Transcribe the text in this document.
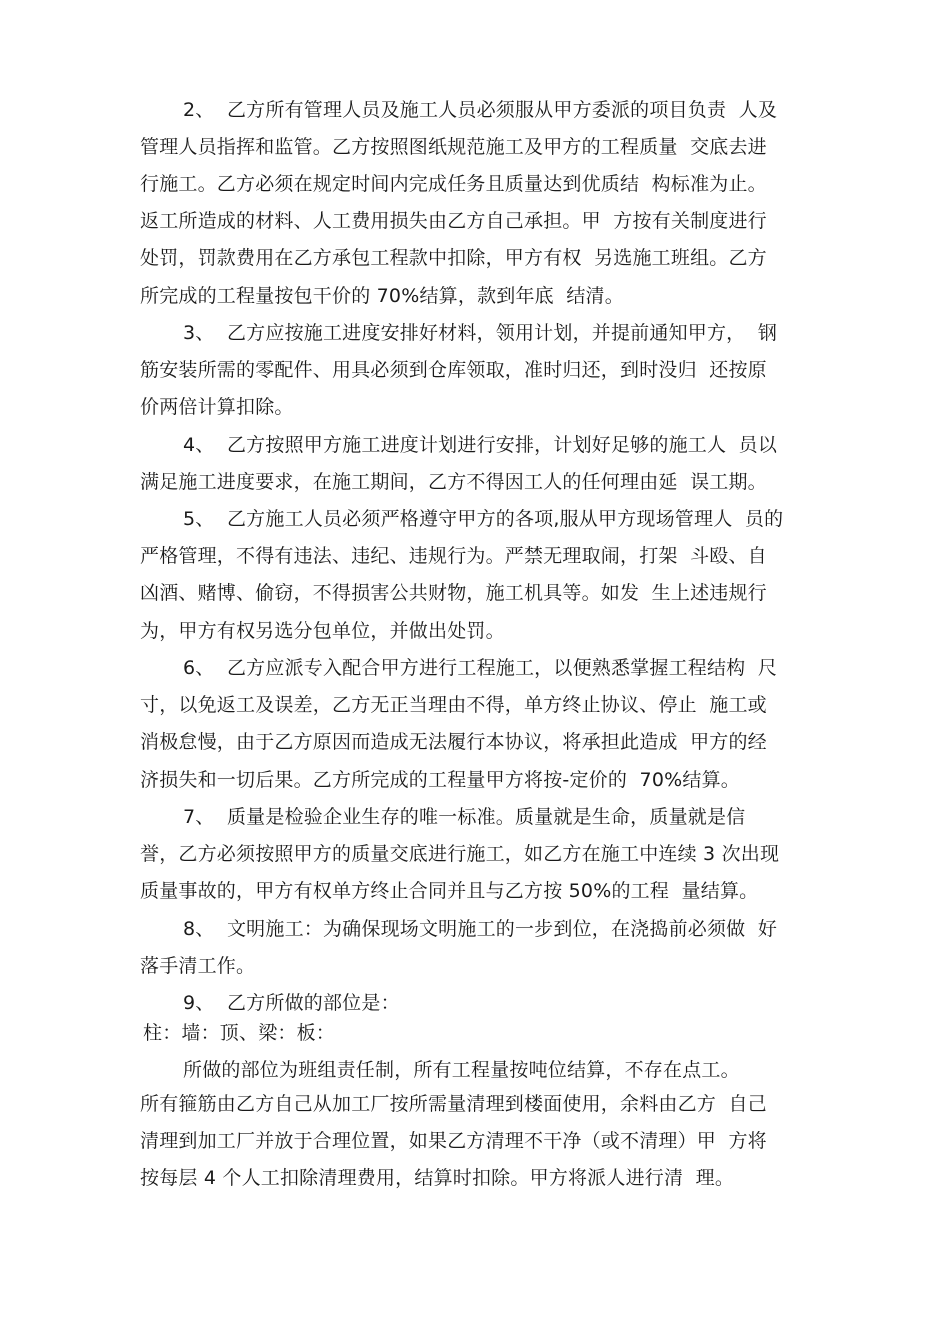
2、  乙方所有管理人员及施工人员必须服从甲方委派的项目负责  人及
管理人员指挥和监管。乙方按照图纸规范施工及甲方的工程质量  交底去进
行施工。乙方必须在规定时间内完成任务且质量达到优质结  构标准为止。
返工所造成的材料、人工费用损失由乙方自己承担。甲  方按有关制度进行
处罚，罚款费用在乙方承包工程款中扣除，甲方有权  另选施工班组。乙方
所完成的工程量按包干价的 70%结算，款到年底  结清。
3、  乙方应按施工进度安排好材料，领用计划，并提前通知甲方，  钢
筋安装所需的零配件、用具必须到仓库领取，准时归还，到时没归  还按原
价两倍计算扣除。
4、  乙方按照甲方施工进度计划进行安排，计划好足够的施工人  员以
满足施工进度要求，在施工期间，乙方不得因工人的任何理由延  误工期。
5、  乙方施工人员必须严格遵守甲方的各项,服从甲方现场管理人  员的
严格管理，不得有违法、违纪、违规行为。严禁无理取闹，打架  斗殴、自
凶酒、赌博、偷窃，不得损害公共财物，施工机具等。如发  生上述违规行
为，甲方有权另选分包单位，并做出处罚。
6、  乙方应派专入配合甲方进行工程施工，以便熟悉掌握工程结构  尺
寸，以免返工及误差，乙方无正当理由不得，单方终止协议、停止  施工或
消极怠慢，由于乙方原因而造成无法履行本协议，将承担此造成  甲方的经
济损失和一切后果。乙方所完成的工程量甲方将按-定价的  70%结算。
7、  质量是检验企业生存的唯一标准。质量就是生命，质量就是信
誉，乙方必须按照甲方的质量交底进行施工，如乙方在施工中连续 3 次出现
质量事故的，甲方有权单方终止合同并且与乙方按 50%的工程  量结算。
8、  文明施工：为确保现场文明施工的一步到位，在浇捣前必须做  好
落手清工作。
9、  乙方所做的部位是：
柱：墙：顶、梁：板：
所做的部位为班组责任制，所有工程量按吨位结算，不存在点工。
所有箍筋由乙方自己从加工厂按所需量清理到楼面使用，余料由乙方  自己
清理到加工厂并放于合理位置，如果乙方清理不干净（或不清理）甲  方将
按每层 4 个人工扣除清理费用，结算时扣除。甲方将派人进行清  理。
